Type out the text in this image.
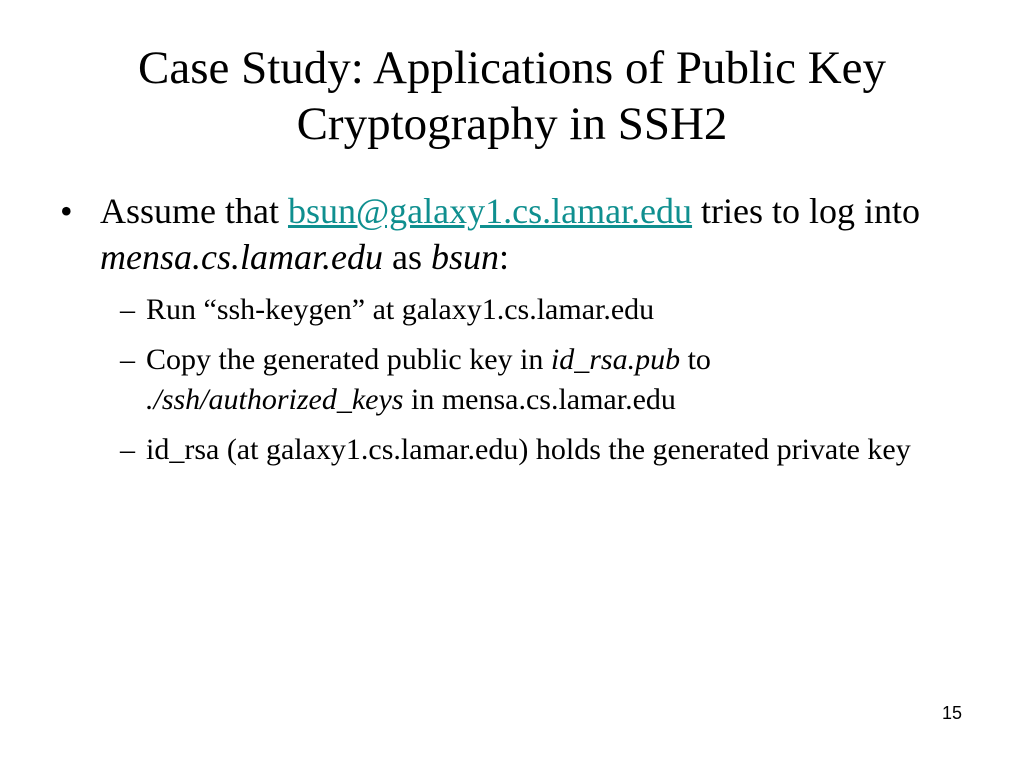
Case Study: Applications of Public Key
Cryptography in SSH2
• Assume that bsun@galaxy1.cs.lamar.edu tries to log into mensa.cs.lamar.edu as bsun:
– Run “ssh-keygen” at galaxy1.cs.lamar.edu
– Copy the generated public key in id_rsa.pub to ./ssh/authorized_keys in mensa.cs.lamar.edu
– id_rsa (at galaxy1.cs.lamar.edu) holds the generated private key
15
